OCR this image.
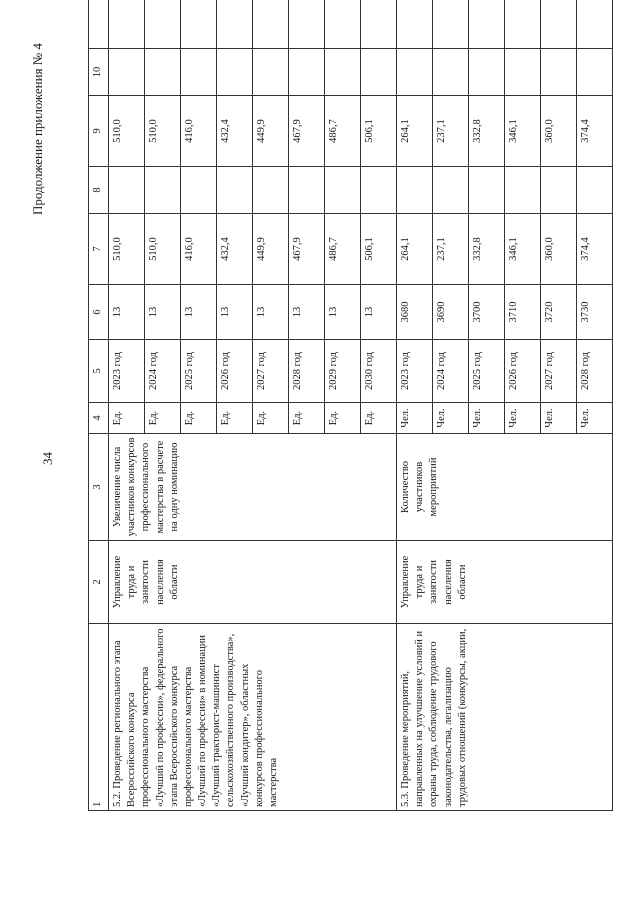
34
Продолжение приложения № 4
1	2	3	4	5	6	7	8	9	10	
5.2. Проведение регионального этапа Всероссийского конкурса профессионального мастерства «Лучший по профессии», федерального этапа Всероссийского конкурса профессионального мастерства «Лучший по профессии» в номинации «Лучший тракторист-машинист сельскохозяйственного производства», «Лучший кондитер», областных конкурсов профессионального мастерства	Управление труда и занятости населения области	Увеличение числа участников конкурсов профессионального мастерства в расчете на одну номинацию	Ед.	2023 год	13	510,0		510,0		
			Ед.	2024 год	13	510,0		510,0		
			Ед.	2025 год	13	416,0		416,0		
			Ед.	2026 год	13	432,4		432,4		
			Ед.	2027 год	13	449,9		449,9		
			Ед.	2028 год	13	467,9		467,9		
			Ед.	2029 год	13	486,7		486,7		
			Ед.	2030 год	13	506,1		506,1		
5.3. Проведение мероприятий, направленных на улучшение условий и охраны труда, соблюдение трудового законодательства, легализацию трудовых отношений (конкурсы, акции,	Управление труда и занятости населения области	Количество участников мероприятий	Чел.	2023 год	3680	264,1		264,1		
			Чел.	2024 год	3690	237,1		237,1		
			Чел.	2025 год	3700	332,8		332,8		
			Чел.	2026 год	3710	346,1		346,1		
			Чел.	2027 год	3720	360,0		360,0		
			Чел.	2028 год	3730	374,4		374,4		
